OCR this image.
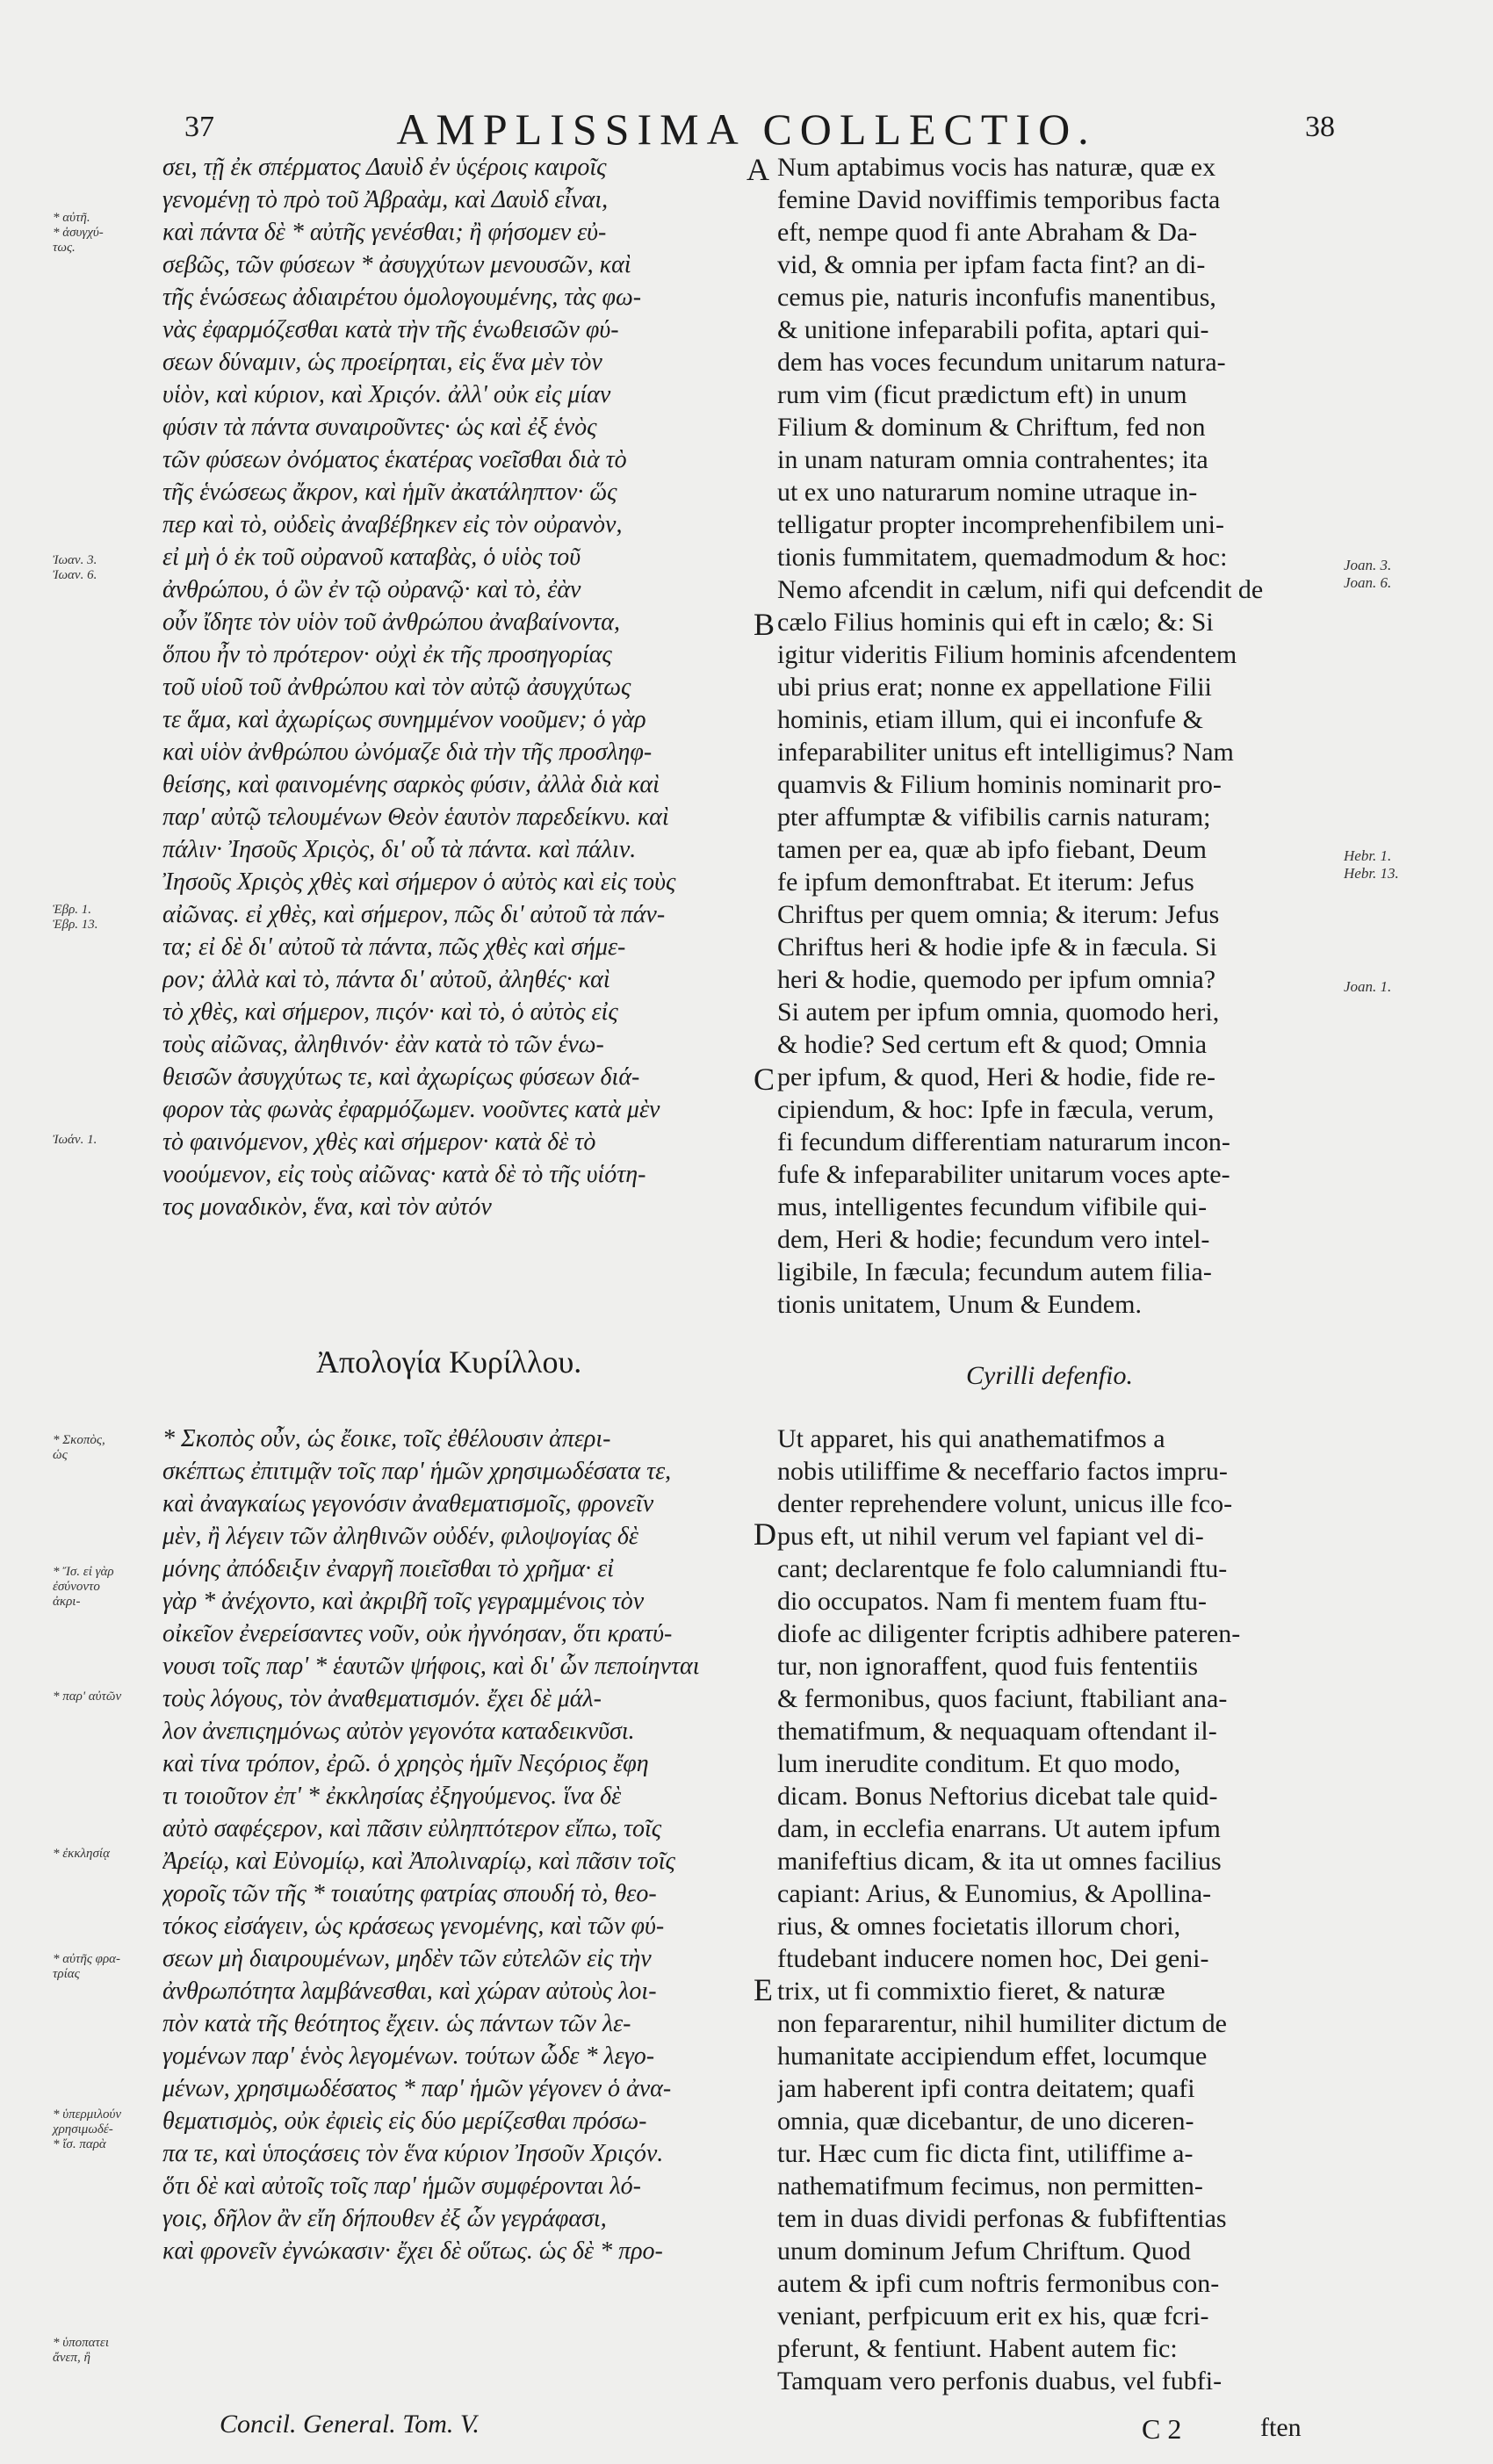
37	AMPLISSIMA COLLECTIO.	38
σει, τῇ ἐκ σπέρματος Δαυὶδ ἐν ὑςέροις καιροῖς
γενομένῃ τὸ πρὸ τοῦ Ἀβραὰμ, καὶ Δαυὶδ εἶναι,
καὶ πάντα δὲ * αὐτῆς γενέσθαι; ἢ φήσομεν εὐ-
σεβῶς, τῶν φύσεων * ἀσυγχύτων μενουσῶν, καὶ
τῆς ἑνώσεως ἀδιαιρέτου ὁμολογουμένης, τὰς φω-
νὰς ἐφαρμόζεσθαι κατὰ τὴν τῆς ἑνωθεισῶν φύ-
σεων δύναμιν, ὡς προείρηται, εἰς ἕνα μὲν τὸν
υἱὸν, καὶ κύριον, καὶ Χριςόν. ἀλλ' οὐκ εἰς μίαν
φύσιν τὰ πάντα συναιροῦντες· ὡς καὶ ἐξ ἑνὸς
τῶν φύσεων ὀνόματος ἑκατέρας νοεῖσθαι διὰ τὸ
τῆς ἑνώσεως ἄκρον, καὶ ἡμῖν ἀκατάληπτον· ὥς
περ καὶ τὸ, οὐδεὶς ἀναβέβηκεν εἰς τὸν οὐρανὸν,
εἰ μὴ ὁ ἐκ τοῦ οὐρανοῦ καταβὰς, ὁ υἱὸς τοῦ
ἀνθρώπου, ὁ ὢν ἐν τῷ οὐρανῷ· καὶ τὸ, ἐὰν
οὖν ἴδητε τὸν υἱὸν τοῦ ἀνθρώπου ἀναβαίνοντα,
ὅπου ἦν τὸ πρότερον· οὐχὶ ἐκ τῆς προσηγορίας
τοῦ υἱοῦ τοῦ ἀνθρώπου καὶ τὸν αὐτῷ ἀσυγχύτως
τε ἅμα, καὶ ἀχωρίςως συνημμένον νοοῦμεν; ὁ γὰρ
καὶ υἱὸν ἀνθρώπου ὠνόμαζε διὰ τὴν τῆς προσληφ-
θείσης, καὶ φαινομένης σαρκὸς φύσιν, ἀλλὰ διὰ καὶ
παρ' αὐτῷ τελουμένων Θεὸν ἑαυτὸν παρεδείκνυ. καὶ
πάλιν· Ἰησοῦς Χριςὸς, δι' οὗ τὰ πάντα. καὶ πάλιν.
Ἰησοῦς Χριςὸς χθὲς καὶ σήμερον ὁ αὐτὸς καὶ εἰς τοὺς
αἰῶνας. εἰ χθὲς, καὶ σήμερον, πῶς δι' αὐτοῦ τὰ πάν-
τα; εἰ δὲ δι' αὐτοῦ τὰ πάντα, πῶς χθὲς καὶ σήμε-
ρον; ἀλλὰ καὶ τὸ, πάντα δι' αὐτοῦ, ἀληθές· καὶ
τὸ χθὲς, καὶ σήμερον, πιςόν· καὶ τὸ, ὁ αὐτὸς εἰς
τοὺς αἰῶνας, ἀληθινόν· ἐὰν κατὰ τὸ τῶν ἑνω-
θεισῶν ἀσυγχύτως τε, καὶ ἀχωρίςως φύσεων διά-
φορον τὰς φωνὰς ἐφαρμόζωμεν. νοοῦντες κατὰ μὲν
τὸ φαινόμενον, χθὲς καὶ σήμερον· κατὰ δὲ τὸ
νοούμενον, εἰς τοὺς αἰῶνας· κατὰ δὲ τὸ τῆς υἱότη-
τος μοναδικὸν, ἕνα, καὶ τὸν αὐτόν
Num aptabimus vocis has naturæ, quæ ex
femine David noviffimis temporibus facta
eft, nempe quod fi ante Abraham & Da-
vid, & omnia per ipfam facta fint? an di-
cemus pie, naturis inconfufis manentibus,
& unitione infeparabili pofita, aptari qui-
dem has voces fecundum unitarum natura-
rum vim (ficut prædictum eft) in unum
Filium & dominum & Chriftum, fed non
in unam naturam omnia contrahentes; ita
ut ex uno naturarum nomine utraque in-
telligatur propter incomprehenfibilem uni-
tionis fummitatem, quemadmodum & hoc:
Nemo afcendit in cælum, nifi qui defcendit de
cælo Filius hominis qui eft in cælo; &: Si
igitur videritis Filium hominis afcendentem
ubi prius erat; nonne ex appellatione Filii
hominis, etiam illum, qui ei inconfufe &
infeparabiliter unitus eft intelligimus? Nam
quamvis & Filium hominis nominarit pro-
pter affumptæ & vifibilis carnis naturam;
tamen per ea, quæ ab ipfo fiebant, Deum
fe ipfum demonftrabat. Et iterum: Jefus
Chriftus per quem omnia; & iterum: Jefus
Chriftus heri & hodie ipfe & in fæcula. Si
heri & hodie, quemodo per ipfum omnia?
Si autem per ipfum omnia, quomodo heri,
& hodie? Sed certum eft & quod; Omnia
per ipfum, & quod, Heri & hodie, fide re-
cipiendum, & hoc: Ipfe in fæcula, verum,
fi fecundum differentiam naturarum incon-
fufe & infeparabiliter unitarum voces apte-
mus, intelligentes fecundum vifibile qui-
dem, Heri & hodie; fecundum vero intel-
ligibile, In fæcula; fecundum autem filia-
tionis unitatem, Unum & Eundem.
Ἀπολογία Κυρίλλου.	Cyrilli defenfio.
* Σκοπὸς οὖν, ὡς ἔοικε, τοῖς ἐθέλουσιν ἀπερι-
σκέπτως ἐπιτιμᾷν τοῖς παρ' ἡμῶν χρησιμωδέσατα τε,
καὶ ἀναγκαίως γεγονόσιν ἀναθεματισμοῖς, φρονεῖν
μὲν, ἢ λέγειν τῶν ἀληθινῶν οὐδέν, φιλοψογίας δὲ
μόνης ἀπόδειξιν ἐναργῆ ποιεῖσθαι τὸ χρῆμα· εἰ
γὰρ * ἀνέχοντο, καὶ ἀκριβῆ τοῖς γεγραμμένοις τὸν
οἰκεῖον ἐνερείσαντες νοῦν, οὐκ ἠγνόησαν, ὅτι κρατύ-
νουσι τοῖς παρ' * ἑαυτῶν ψήφοις, καὶ δι' ὧν πεποίηνται
τοὺς λόγους, τὸν ἀναθεματισμόν. ἔχει δὲ μάλ-
λον ἀνεπιςημόνως αὐτὸν γεγονότα καταδεικνῦσι.
καὶ τίνα τρόπον, ἐρῶ. ὁ χρηςὸς ἡμῖν Νεςόριος ἔφη
τι τοιοῦτον ἐπ' * ἐκκλησίας ἐξηγούμενος. ἵνα δὲ
αὐτὸ σαφέςερον, καὶ πᾶσιν εὐληπτότερον εἴπω, τοῖς
Ἀρείῳ, καὶ Εὐνομίῳ, καὶ Ἀπολιναρίῳ, καὶ πᾶσιν τοῖς
χοροῖς τῶν τῆς * τοιαύτης φατρίας σπουδή τὸ, θεο-
τόκος εἰσάγειν, ὡς κράσεως γενομένης, καὶ τῶν φύ-
σεων μὴ διαιρουμένων, μηδὲν τῶν εὐτελῶν εἰς τὴν
ἀνθρωπότητα λαμβάνεσθαι, καὶ χώραν αὐτοὺς λοι-
πὸν κατὰ τῆς θεότητος ἔχειν. ὡς πάντων τῶν λε-
γομένων παρ' ἑνὸς λεγομένων. τούτων ὧδε * λεγο-
μένων, χρησιμωδέσατος * παρ' ἡμῶν γέγονεν ὁ ἀνα-
θεματισμὸς, οὐκ ἐφιεὶς εἰς δύο μερίζεσθαι πρόσω-
πα τε, καὶ ὑποςάσεις τὸν ἕνα κύριον Ἰησοῦν Χριςόν.
ὅτι δὲ καὶ αὐτοῖς τοῖς παρ' ἡμῶν συμφέρονται λό-
γοις, δῆλον ἂν εἴη δήπουθεν ἐξ ὧν γεγράφασι,
καὶ φρονεῖν ἐγνώκασιν· ἔχει δὲ οὕτως. ὡς δὲ * προ-
Ut apparet, his qui anathematifmos a
nobis utiliffime & neceffario factos impru-
denter reprehendere volunt, unicus ille fco-
pus eft, ut nihil verum vel fapiant vel di-
cant; declarentque fe folo calumniandi ftu-
dio occupatos. Nam fi mentem fuam ftu-
diofe ac diligenter fcriptis adhibere pateren-
tur, non ignoraffent, quod fuis fententiis
& fermonibus, quos faciunt, ftabiliant ana-
thematifmum, & nequaquam oftendant il-
lum inerudite conditum. Et quo modo,
dicam. Bonus Neftorius dicebat tale quid-
dam, in ecclefia enarrans. Ut autem ipfum
manifeftius dicam, & ita ut omnes facilius
capiant: Arius, & Eunomius, & Apollina-
rius, & omnes focietatis illorum chori,
ftudebant inducere nomen hoc, Dei geni-
trix, ut fi commixtio fieret, & naturæ
non fepararentur, nihil humiliter dictum de
humanitate accipiendum effet, locumque
jam haberent ipfi contra deitatem; quafi
omnia, quæ dicebantur, de uno diceren-
tur. Hæc cum fic dicta fint, utiliffime a-
nathematifmum fecimus, non permitten-
tem in duas dividi perfonas & fubfiftentias
unum dominum Jefum Chriftum. Quod
autem & ipfi cum noftris fermonibus con-
veniant, perfpicuum erit ex his, quæ fcri-
pferunt, & fentiunt. Habent autem fic:
Tamquam vero perfonis duabus, vel fubfi-
A
B
C
D
E
* αὐτῆ.
* ἀσυγχύ-
τως.
Ἰωαν. 3.
Ἰωαν. 6.
Ἑβρ. 1.
Ἑβρ. 13.
Ἰωάν. 1.
* Σκοπὸς,
ὡς
* Ἴσ. εἰ γὰρ
ἐσύνοντο
ἀκρι-
* παρ' αὐτῶν
* ἐκκλησίᾳ
* αὐτῆς φρα-
τρίας
* ὑπερμιλούν
χρησιμωδέ-
* ἴσ. παρὰ
* ὑποπατει
ἄνεπ, ἢ
Joan. 3.
Joan. 6.
Hebr. 1.
Hebr. 13.
Joan. 1.
Concil. General. Tom. V.	C 2	ften
